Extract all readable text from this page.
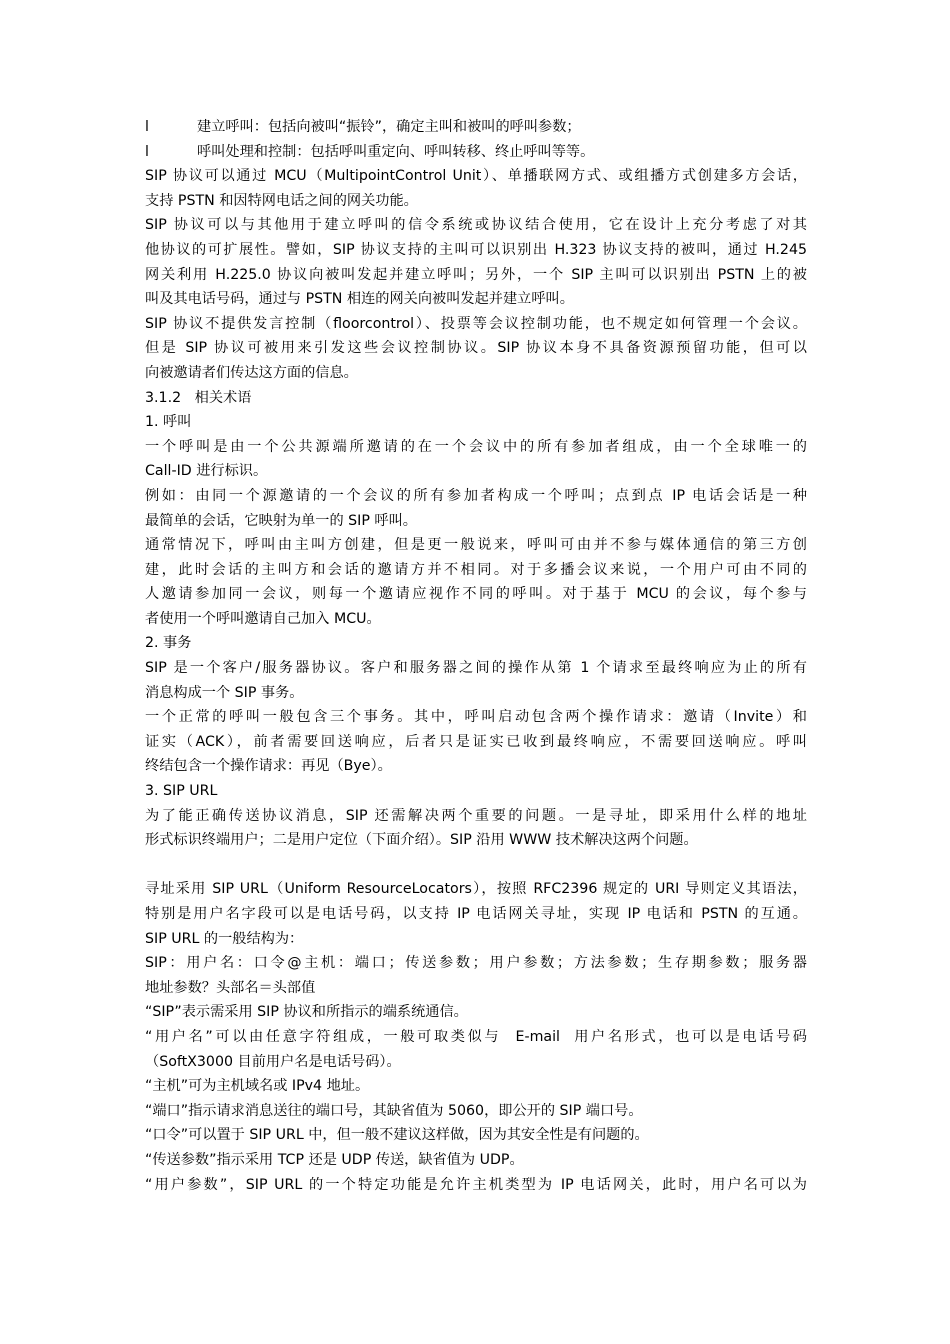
l	建立呼叫：包括向被叫“振铃”，确定主叫和被叫的呼叫参数；
l	呼叫处理和控制：包括呼叫重定向、呼叫转移、终止呼叫等等。
SIP 协议可以通过 MCU（MultipointControl Unit）、单播联网方式、或组播方式创建多方会话，
支持 PSTN 和因特网电话之间的网关功能。
SIP 协议可以与其他用于建立呼叫的信令系统或协议结合使用，它在设计上充分考虑了对其
他协议的可扩展性。譬如，SIP 协议支持的主叫可以识别出 H.323 协议支持的被叫，通过 H.245
网关利用 H.225.0 协议向被叫发起并建立呼叫；另外，一个 SIP 主叫可以识别出 PSTN 上的被
叫及其电话号码，通过与 PSTN 相连的网关向被叫发起并建立呼叫。
SIP 协议不提供发言控制（floorcontrol）、投票等会议控制功能，也不规定如何管理一个会议。
但是 SIP 协议可被用来引发这些会议控制协议。SIP 协议本身不具备资源预留功能，但可以
向被邀请者们传达这方面的信息。
3.1.2   相关术语
1. 呼叫
一个呼叫是由一个公共源端所邀请的在一个会议中的所有参加者组成，由一个全球唯一的
Call-ID 进行标识。
例如：由同一个源邀请的一个会议的所有参加者构成一个呼叫；点到点 IP 电话会话是一种
最简单的会话，它映射为单一的 SIP 呼叫。
通常情况下，呼叫由主叫方创建，但是更一般说来，呼叫可由并不参与媒体通信的第三方创
建，此时会话的主叫方和会话的邀请方并不相同。对于多播会议来说，一个用户可由不同的
人邀请参加同一会议，则每一个邀请应视作不同的呼叫。对于基于 MCU 的会议，每个参与
者使用一个呼叫邀请自己加入 MCU。
2. 事务
SIP 是一个客户/服务器协议。客户和服务器之间的操作从第 1 个请求至最终响应为止的所有
消息构成一个 SIP 事务。
一个正常的呼叫一般包含三个事务。其中，呼叫启动包含两个操作请求：邀请（Invite）和
证实（ACK），前者需要回送响应，后者只是证实已收到最终响应，不需要回送响应。呼叫
终结包含一个操作请求：再见（Bye）。
3. SIP URL
为了能正确传送协议消息，SIP 还需解决两个重要的问题。一是寻址，即采用什么样的地址
形式标识终端用户；二是用户定位（下面介绍）。SIP 沿用 WWW 技术解决这两个问题。
寻址采用 SIP URL（Uniform ResourceLocators），按照 RFC2396 规定的 URI 导则定义其语法，
特别是用户名字段可以是电话号码，以支持 IP 电话网关寻址，实现 IP 电话和 PSTN 的互通。
SIP URL 的一般结构为：
SIP：用户名：口令@主机：端口；传送参数；用户参数；方法参数；生存期参数；服务器
地址参数？头部名＝头部值
“SIP”表示需采用 SIP 协议和所指示的端系统通信。
“用户名”可以由任意字符组成，一般可取类似与  E-mail  用户名形式，也可以是电话号码
（SoftX3000 目前用户名是电话号码）。
“主机”可为主机域名或 IPv4 地址。
“端口”指示请求消息送往的端口号，其缺省值为 5060，即公开的 SIP 端口号。
“口令”可以置于 SIP URL 中，但一般不建议这样做，因为其安全性是有问题的。
“传送参数”指示采用 TCP 还是 UDP 传送，缺省值为 UDP。
“用户参数”，SIP URL 的一个特定功能是允许主机类型为 IP 电话网关，此时，用户名可以为
